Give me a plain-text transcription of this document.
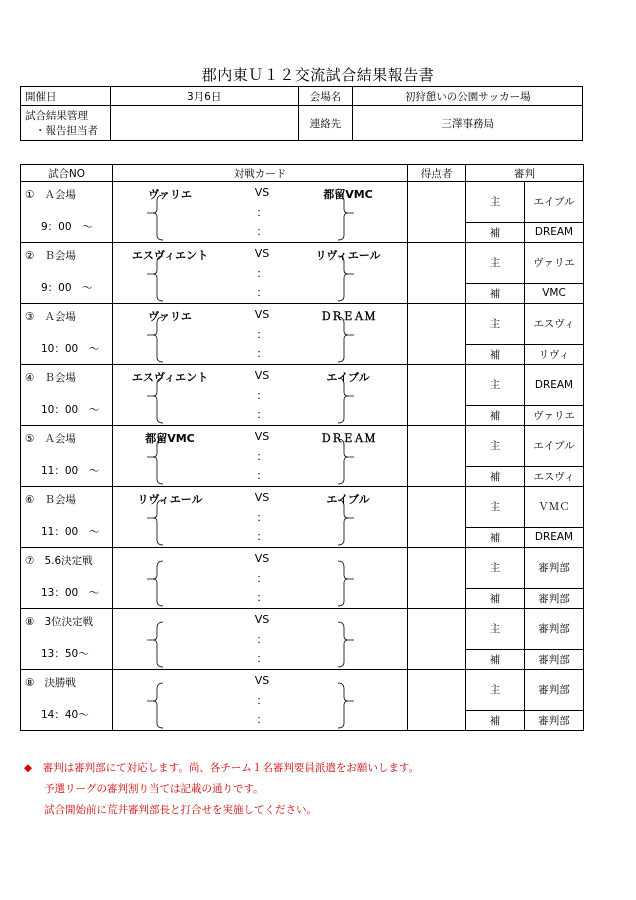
郡内東Ｕ１２交流試合結果報告書
開催日	3月6日	会場名	初狩憩いの公園サッカー場

試合結果管理
・報告担当者		連絡先	三澤事務局
試合NO	対戦カード	得点者	審判	

① Ａ会場
9：00　～	ヴァリエ VS 都留VMC
：
：		主	エイブル
			補	DREAM

② Ｂ会場
9：00　～	エスヴィエント VS リヴィエール
：
：		主	ヴァリエ
			補	VMC

③ Ａ会場
10：00　～	ヴァリエ VS ＤＲＥＡＭ
：
：		主	エスヴィ
			補	リヴィ

④ Ｂ会場
10：00　～	エスヴィエント VS エイブル
：
：		主	DREAM
			補	ヴァリエ

⑤ Ａ会場
11：00　～	都留VMC VS ＤＲＥＡＭ
：
：		主	エイブル
			補	エスヴィ

⑥ Ｂ会場
11：00　～	リヴィエール VS エイブル
：
：		主	ＶＭＣ
			補	DREAM

⑦ 5.6決定戦
13：00　～	VS
：
：		主	審判部
			補	審判部

⑧ 3位決定戦
13：50～	VS
：
：		主	審判部
			補	審判部

⑧ 決勝戦
14：40～	VS
：
：		主	審判部
			補	審判部
◆ 審判は審判部にて対応します。尚、各チーム１名審判要員派遣をお願いします。
予選リーグの審判割り当ては記載の通りです。
試合開始前に荒井審判部長と打合せを実施してください。
